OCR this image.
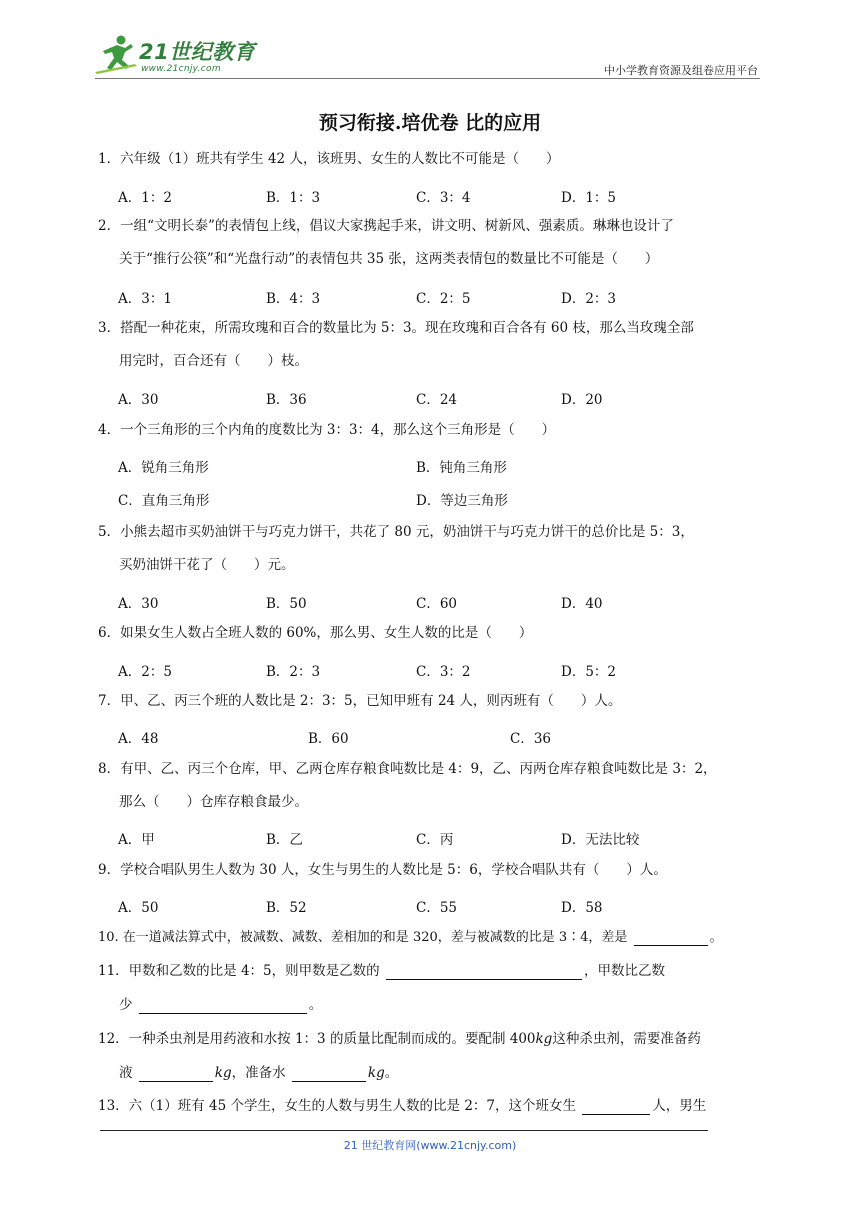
21世纪教育
www.21cnjy.com	中小学教育资源及组卷应用平台
预习衔接.培优卷 比的应用
1．六年级（1）班共有学生 42 人，该班男、女生的人数比不可能是（　　）
A．1：2	B．1：3	C．3：4	D．1：5
2．一组“文明长泰”的表情包上线，倡议大家携起手来，讲文明、树新风、强素质。琳琳也设计了
关于“推行公筷”和“光盘行动”的表情包共 35 张，这两类表情包的数量比不可能是（　　）
A．3：1	B．4：3	C．2：5	D．2：3
3．搭配一种花束，所需玫瑰和百合的数量比为 5：3。现在玫瑰和百合各有 60 枝，那么当玫瑰全部
用完时，百合还有（　　）枝。
A．30	B．36	C．24	D．20
4．一个三角形的三个内角的度数比为 3：3：4，那么这个三角形是（　　）
A．锐角三角形	B．钝角三角形
C．直角三角形	D．等边三角形
5．小熊去超市买奶油饼干与巧克力饼干，共花了 80 元，奶油饼干与巧克力饼干的总价比是 5：3，
买奶油饼干花了（　　）元。
A．30	B．50	C．60	D．40
6．如果女生人数占全班人数的 60%，那么男、女生人数的比是（　　）
A．2：5	B．2：3	C．3：2	D．5：2
7．甲、乙、丙三个班的人数比是 2：3：5，已知甲班有 24 人，则丙班有（　　）人。
A．48	B．60	C．36
8．有甲、乙、丙三个仓库，甲、乙两仓库存粮食吨数比是 4：9，乙、丙两仓库存粮食吨数比是 3：2，
那么（　　）仓库存粮食最少。
A．甲	B．乙	C．丙	D．无法比较
9．学校合唱队男生人数为 30 人，女生与男生的人数比是 5：6，学校合唱队共有（　　）人。
A．50	B．52	C．55	D．58
10. 在一道减法算式中，被减数、减数、差相加的和是 320，差与被减数的比是 3∶4，差是	。
11．甲数和乙数的比是 4：5，则甲数是乙数的	，甲数比乙数
少	。
12．一种杀虫剂是用药液和水按 1：3 的质量比配制而成的。要配制 400kg这种杀虫剂，需要准备药
液	kg，准备水	kg。
13．六（1）班有 45 个学生，女生的人数与男生人数的比是 2：7，这个班女生	人，男生
21 世纪教育网(www.21cnjy.com)
